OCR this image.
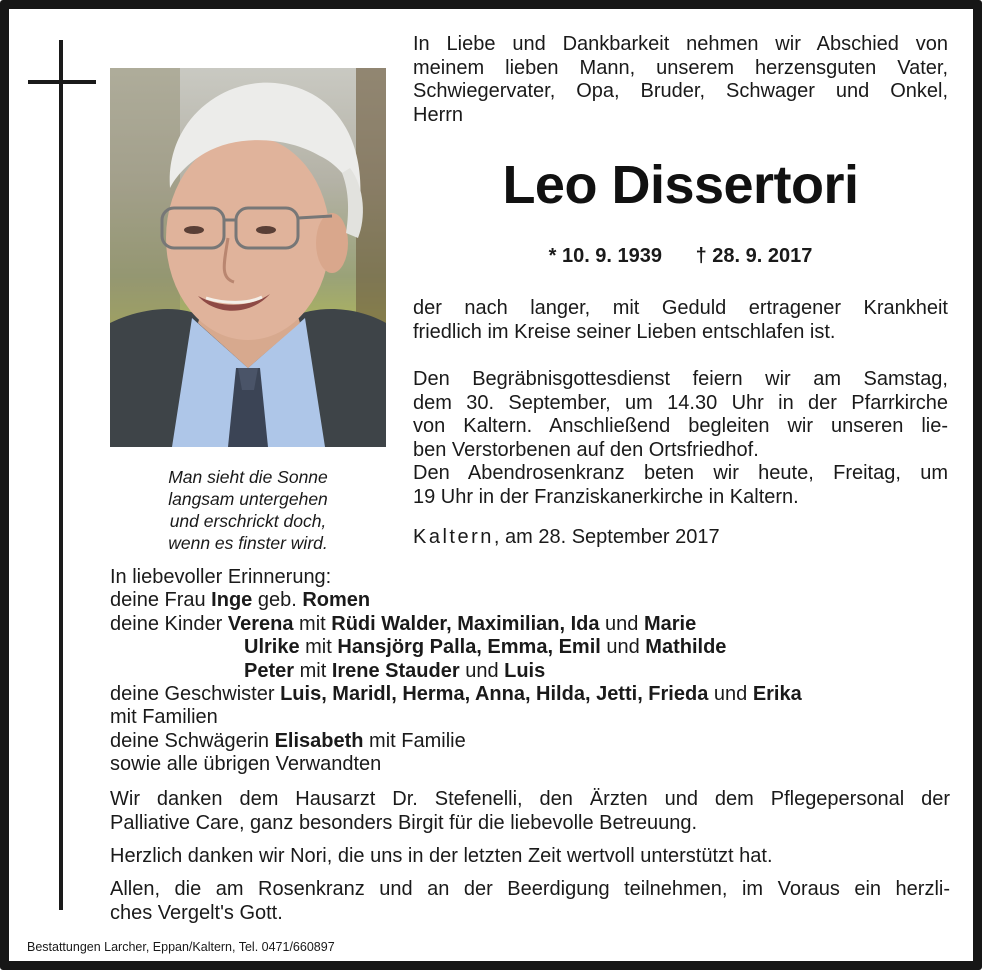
Man sieht die Sonne
langsam untergehen
und erschrickt doch,
wenn es finster wird.
In Liebe und Dankbarkeit nehmen wir Abschied von
meinem lieben Mann, unserem herzensguten Vater,
Schwiegervater, Opa, Bruder, Schwager und Onkel,
Herrn
Leo Dissertori
* 10. 9. 1939 † 28. 9. 2017
der nach langer, mit Geduld ertragener Krankheit
friedlich im Kreise seiner Lieben entschlafen ist.
Den Begräbnisgottesdienst feiern wir am Samstag,
dem 30. September, um 14.30 Uhr in der Pfarrkirche
von Kaltern. Anschließend begleiten wir unseren lie-
ben Verstorbenen auf den Ortsfriedhof.
Den Abendrosenkranz beten wir heute, Freitag, um
19 Uhr in der Franziskanerkirche in Kaltern.
Kaltern, am 28. September 2017
In liebevoller Erinnerung:
deine Frau Inge geb. Romen
deine Kinder Verena mit Rüdi Walder, Maximilian, Ida und Marie
Ulrike mit Hansjörg Palla, Emma, Emil und Mathilde
Peter mit Irene Stauder und Luis
deine Geschwister Luis, Maridl, Herma, Anna, Hilda, Jetti, Frieda und Erika
mit Familien
deine Schwägerin Elisabeth mit Familie
sowie alle übrigen Verwandten
Wir danken dem Hausarzt Dr. Stefenelli, den Ärzten und dem Pflegepersonal der
Palliative Care, ganz besonders Birgit für die liebevolle Betreuung.
Herzlich danken wir Nori, die uns in der letzten Zeit wertvoll unterstützt hat.
Allen, die am Rosenkranz und an der Beerdigung teilnehmen, im Voraus ein herzli-
ches Vergelt's Gott.
Bestattungen Larcher, Eppan/Kaltern, Tel. 0471/660897
